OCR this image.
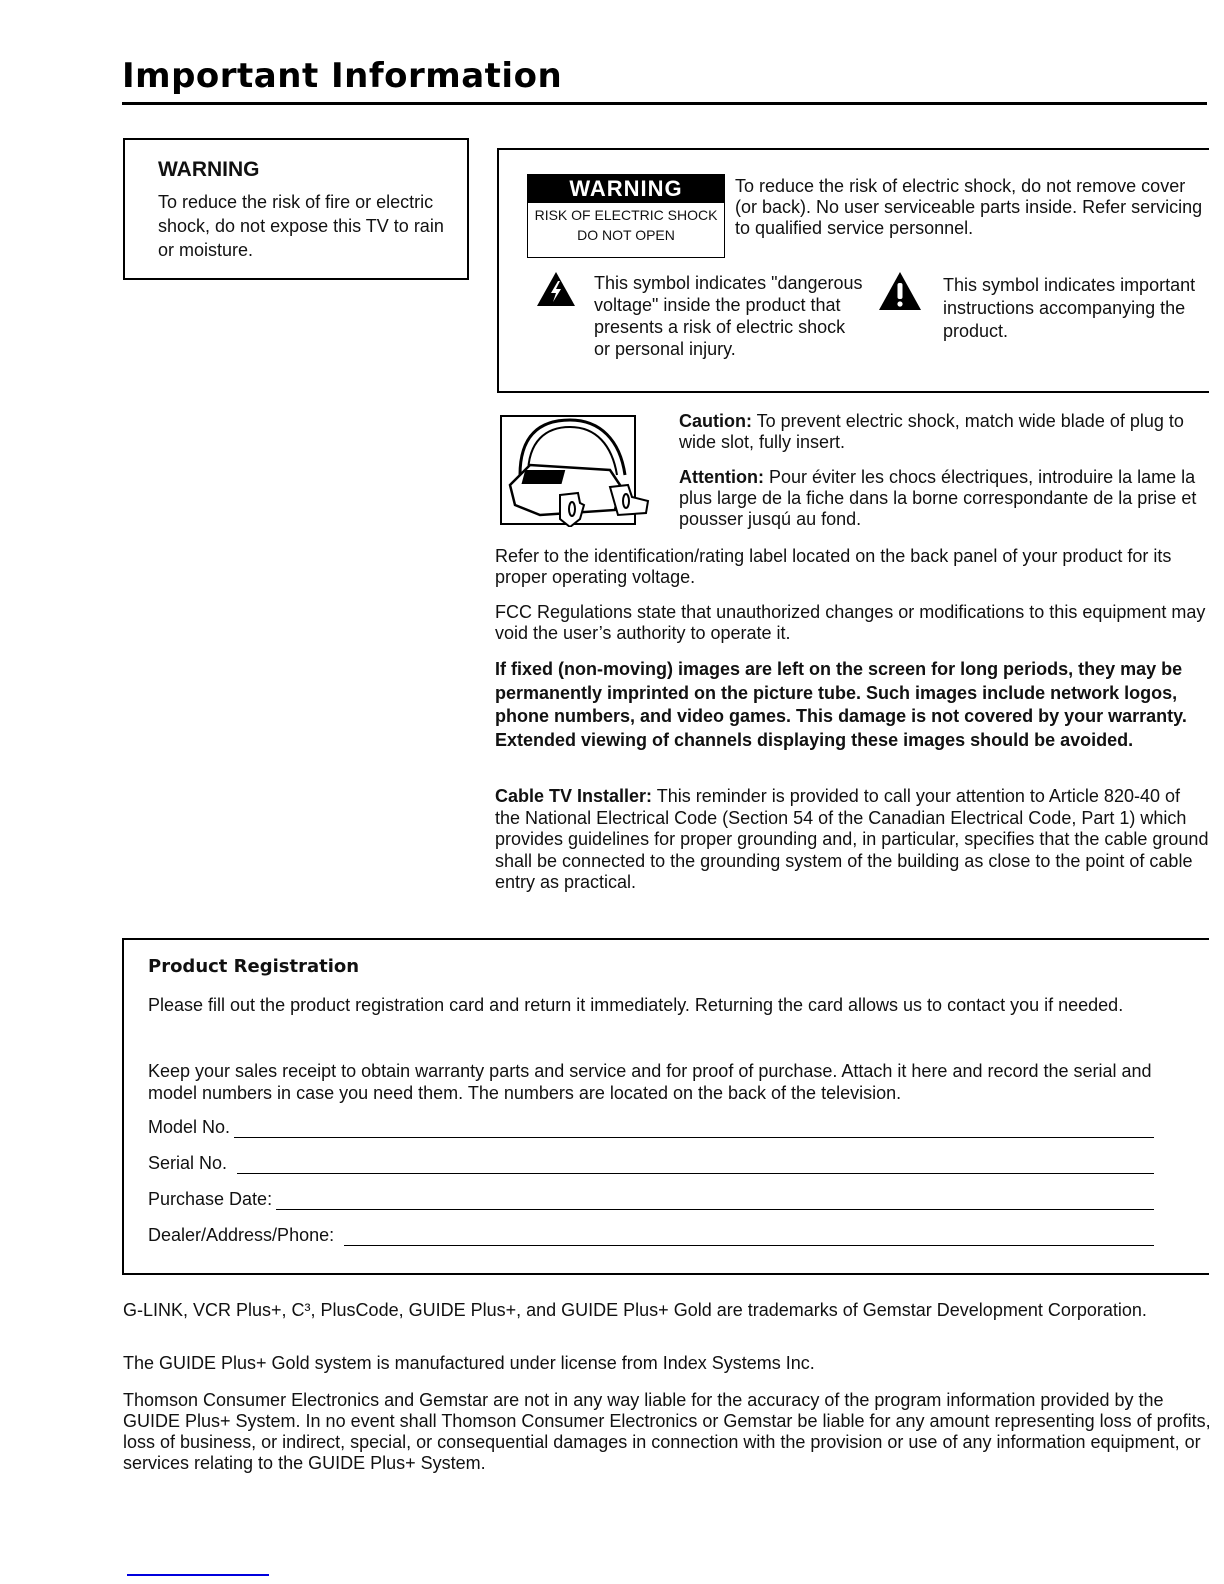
Important Information
WARNING
To reduce the risk of fire or electric shock, do not expose this TV to rain or moisture.
WARNING
RISK OF ELECTRIC SHOCK
DO NOT OPEN
To reduce the risk of electric shock, do not remove cover (or back). No user serviceable parts inside. Refer servicing to qualified service personnel.
This symbol indicates "dangerous voltage" inside the product that presents a risk of electric shock or personal injury.
This symbol indicates important instructions accompanying the product.
Caution: To prevent electric shock, match wide blade of plug to wide slot, fully insert.
Attention: Pour éviter les chocs électriques, introduire la lame la plus large de la fiche dans la borne correspondante de la prise et pousser jusqú au fond.
Refer to the identification/rating label located on the back panel of your product for its proper operating voltage.
FCC Regulations state that unauthorized changes or modifications to this equipment may void the user’s authority to operate it.
If fixed (non-moving) images are left on the screen for long periods, they may be permanently imprinted on the picture tube. Such images include network logos, phone numbers, and video games. This damage is not covered by your warranty. Extended viewing of channels displaying these images should be avoided.
Cable TV Installer: This reminder is provided to call your attention to Article 820-40 of the National Electrical Code (Section 54 of the Canadian Electrical Code, Part 1) which provides guidelines for proper grounding and, in particular, specifies that the cable ground shall be connected to the grounding system of the building as close to the point of cable entry as practical.
Product Registration
Please fill out the product registration card and return it immediately. Returning the card allows us to contact you if needed.
Keep your sales receipt to obtain warranty parts and service and for proof of purchase. Attach it here and record the serial and model numbers in case you need them. The numbers are located on the back of the television.
Model No.
Serial No.
Purchase Date:
Dealer/Address/Phone:
G-LINK, VCR Plus+, C³, PlusCode, GUIDE Plus+, and GUIDE Plus+ Gold are trademarks of Gemstar Development Corporation.
The GUIDE Plus+ Gold system is manufactured under license from Index Systems Inc.
Thomson Consumer Electronics and Gemstar are not in any way liable for the accuracy of the program information provided by the GUIDE Plus+ System. In no event shall Thomson Consumer Electronics or Gemstar be liable for any amount representing loss of profits, loss of business, or indirect, special, or consequential damages in connection with the provision or use of any information equipment, or services relating to the GUIDE Plus+ System.
